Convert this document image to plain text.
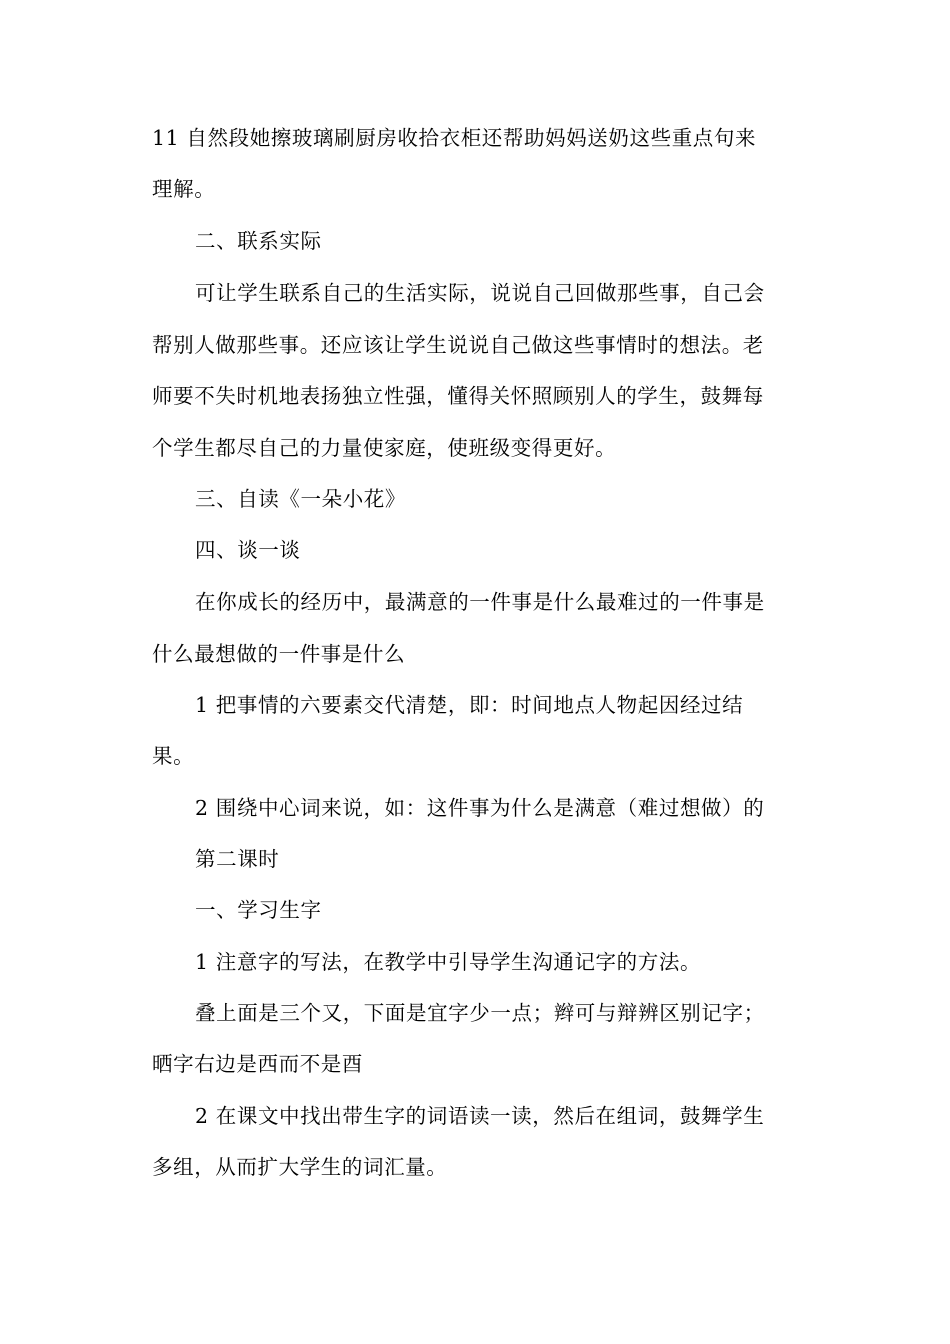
11 自然段她擦玻璃刷厨房收拾衣柜还帮助妈妈送奶这些重点句来
理解。
二、联系实际
可让学生联系自己的生活实际，说说自己回做那些事，自己会
帮别人做那些事。还应该让学生说说自己做这些事情时的想法。老
师要不失时机地表扬独立性强，懂得关怀照顾别人的学生，鼓舞每
个学生都尽自己的力量使家庭，使班级变得更好。
三、自读《一朵小花》
四、谈一谈
在你成长的经历中，最满意的一件事是什么最难过的一件事是
什么最想做的一件事是什么
1 把事情的六要素交代清楚，即：时间地点人物起因经过结
果。
2 围绕中心词来说，如：这件事为什么是满意（难过想做）的
第二课时
一、学习生字
1 注意字的写法，在教学中引导学生沟通记字的方法。
叠上面是三个又，下面是宜字少一点；辫可与辩辨区别记字；
晒字右边是西而不是酉
2 在课文中找出带生字的词语读一读，然后在组词，鼓舞学生
多组，从而扩大学生的词汇量。
